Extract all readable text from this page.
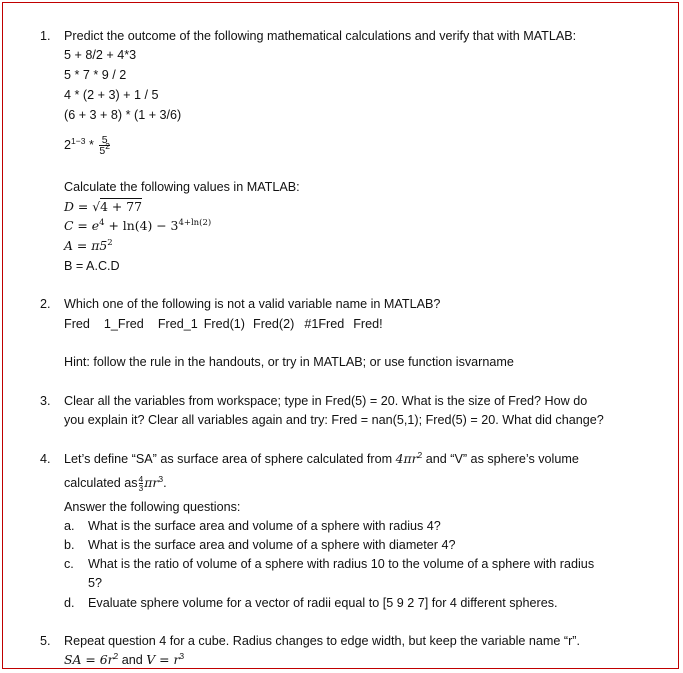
1. Predict the outcome of the following mathematical calculations and verify that with MATLAB:
5 + 8/2 + 4*3
5 * 7 * 9 / 2
4 * (2 + 3) + 1 / 5
(6 + 3 + 8) * (1 + 3/6)
$2^{1-3} * \frac{5}{5^2}$
Calculate the following values in MATLAB:
D = √4 + 77
$C = e^4 + \ln(4) - 3^{4+ln(2)}$
$A = \pi 5^2$
B = A.C.D
2. Which one of the following is not a valid variable name in MATLAB?
Fred 1_Fred Fred_1 Fred(1) Fred(2) #1Fred Fred!
Hint: follow the rule in the handouts, or try in MATLAB; or use function isvarname
3. Clear all the variables from workspace; type in Fred(5) = 20. What is the size of Fred? How do
you explain it? Clear all variables again and try: Fred = nan(5,1); Fred(5) = 20. What did change?
4. Let’s define “SA” as surface area of sphere calculated from $4\pi r^2$ and “V” as sphere’s volume
calculated as $\frac{4}{3} \pi r^3$.
Answer the following questions:
a. What is the surface area and volume of a sphere with radius 4?
b. What is the surface area and volume of a sphere with diameter 4?
c. What is the ratio of volume of a sphere with radius 10 to the volume of a sphere with radius
5?
d. Evaluate sphere volume for a vector of radii equal to [5 9 2 7] for 4 different spheres.
5. Repeat question 4 for a cube. Radius changes to edge width, but keep the variable name “r”.
SA = $6r^2$ and $V = r^3$
